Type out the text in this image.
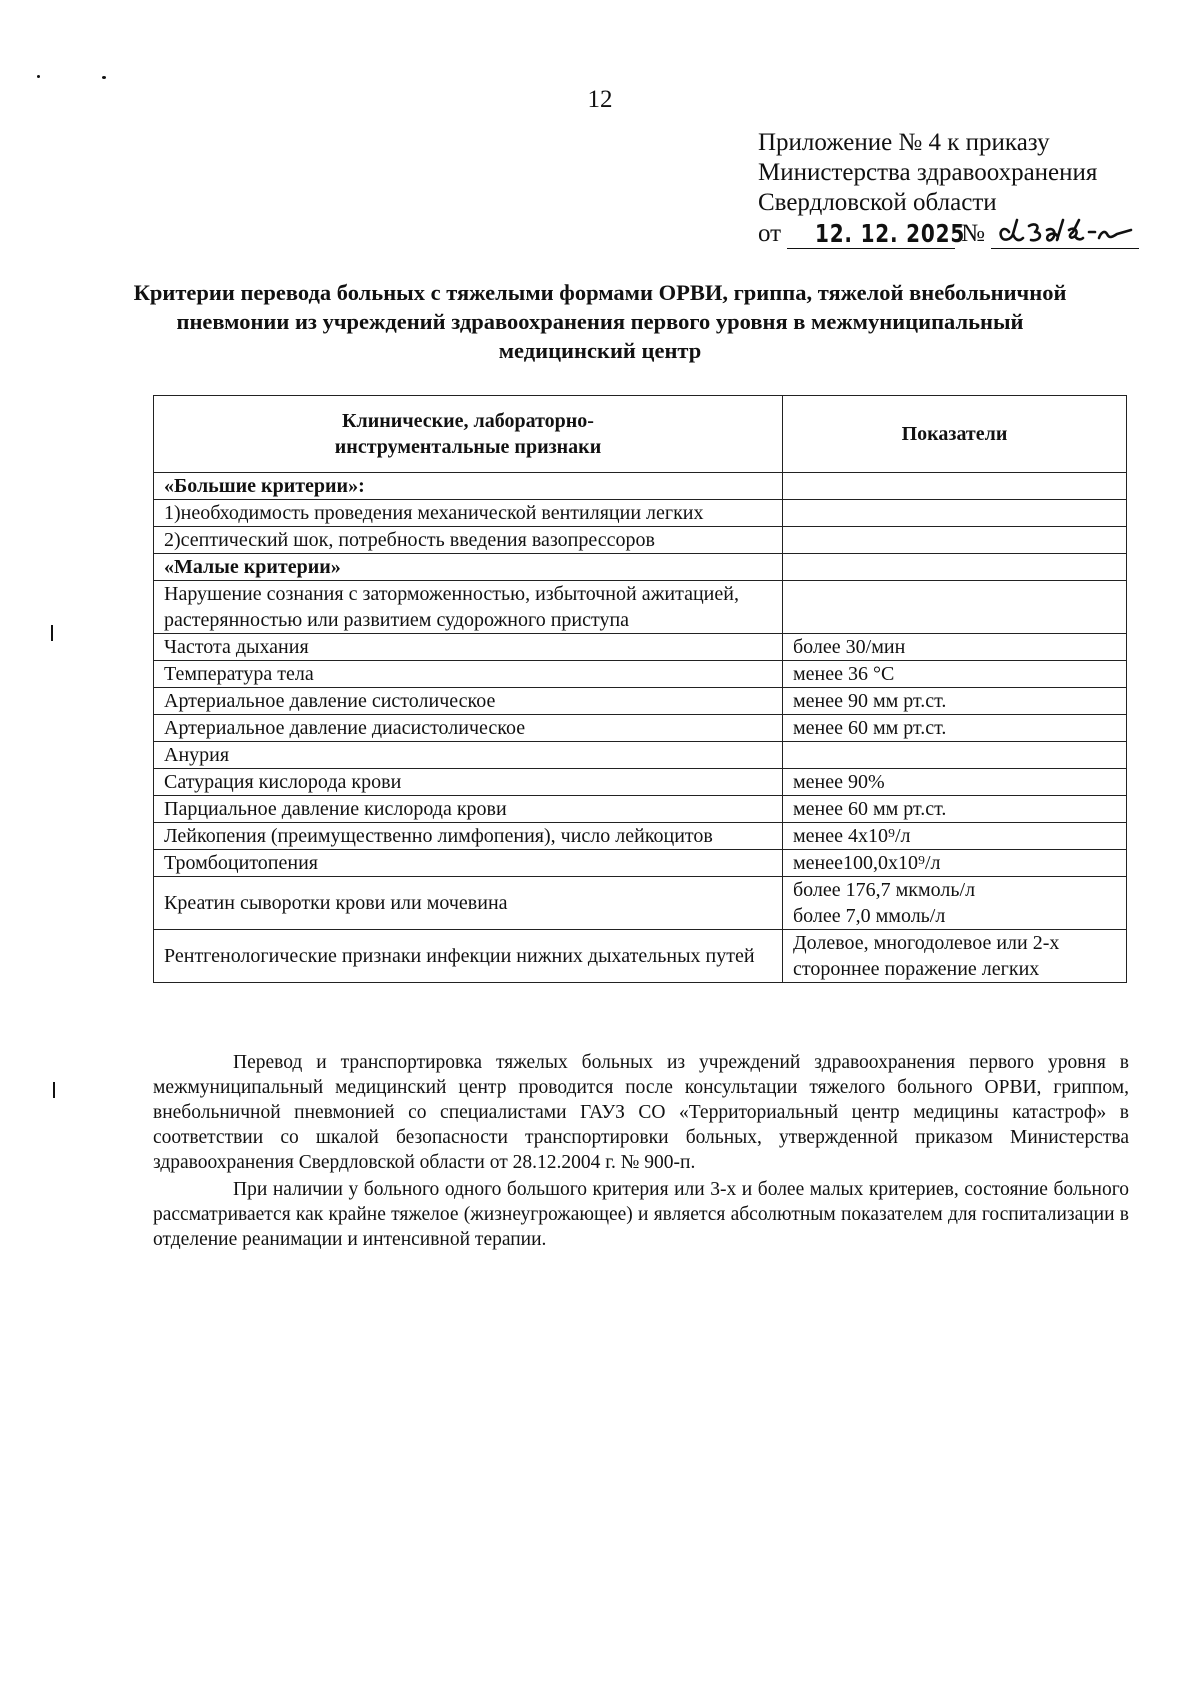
12
Приложение № 4 к приказу
Министерства здравоохранения
Свердловской области
от 12. 12. 2025
№
Критерии перевода больных с тяжелыми формами ОРВИ, гриппа, тяжелой внебольничной пневмонии из учреждений здравоохранения первого уровня в межмуниципальный медицинский центр
Клинические, лабораторно-инструментальные признаки	Показатели
«Большие критерии»:	
1)необходимость проведения механической вентиляции легких	
2)септический шок, потребность введения вазопрессоров	
«Малые критерии»	
Нарушение сознания с заторможенностью, избыточной ажитацией, растерянностью или развитием судорожного приступа	
Частота дыхания	более 30/мин
Температура тела	менее 36 °С
Артериальное давление систолическое	менее 90 мм рт.ст.
Артериальное давление диасистолическое	менее 60 мм рт.ст.
Анурия	
Сатурация кислорода крови	менее 90%
Парциальное давление кислорода крови	менее 60 мм рт.ст.
Лейкопения (преимущественно лимфопения), число лейкоцитов	менее 4x10⁹/л
Тромбоцитопения	менее100,0x10⁹/л
Креатин сыворотки крови или мочевина	более 176,7 мкмоль/л
более 7,0 ммоль/л

Рентгенологические признаки инфекции нижних дыхательных путей	Долевое, многодолевое или 2-х стороннее поражение легких
Перевод и транспортировка тяжелых больных из учреждений здравоохранения первого уровня в межмуниципальный медицинский центр проводится после консультации тяжелого больного ОРВИ, гриппом, внебольничной пневмонией со специалистами ГАУЗ СО «Территориальный центр медицины катастроф» в соответствии со шкалой безопасности транспортировки больных, утвержденной приказом Министерства здравоохранения Свердловской области от 28.12.2004 г. № 900-п.
При наличии у больного одного большого критерия или 3-х и более малых критериев, состояние больного рассматривается как крайне тяжелое (жизнеугрожающее) и является абсолютным показателем для госпитализации в отделение реанимации и интенсивной терапии.
